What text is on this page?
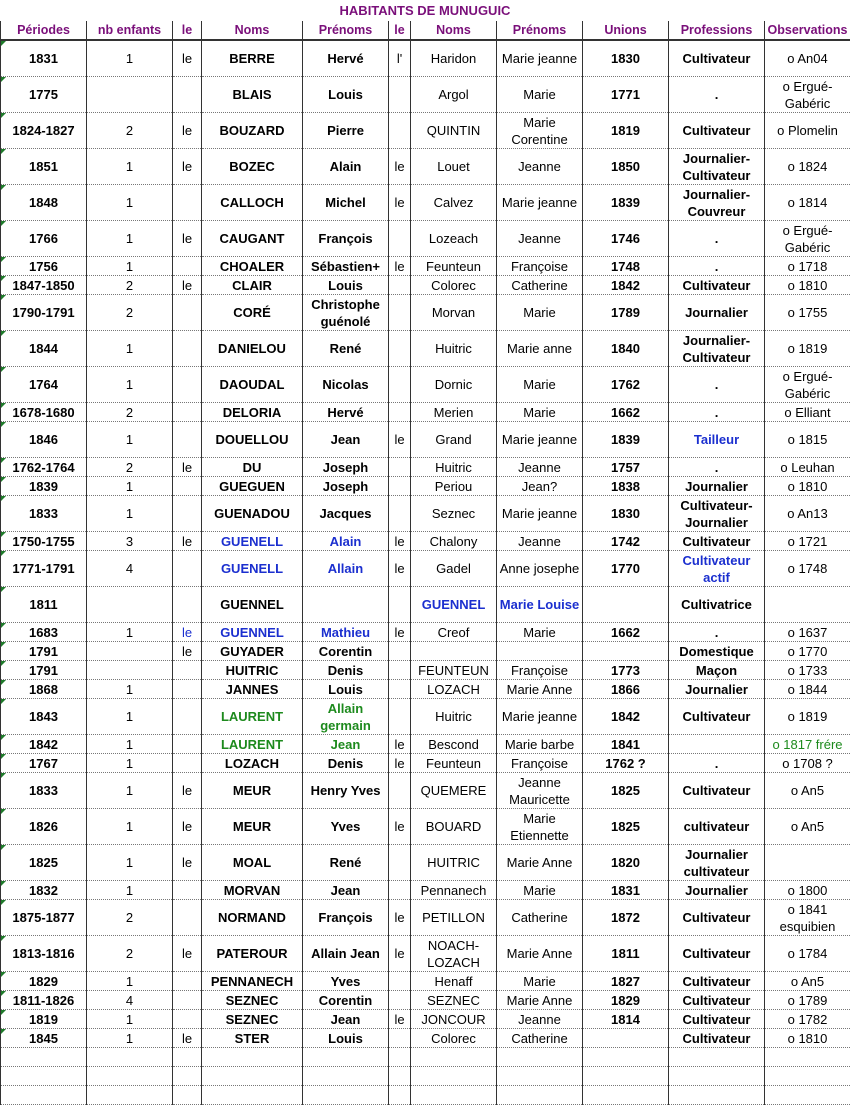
HABITANTS DE MUNUGUIC
Périodes	nb enfants	le	Noms	Prénoms	le	Noms	Prénoms	Unions	Professions	Observations
1831	1	le	BERRE	Hervé	l'	Haridon	Marie jeanne	1830	Cultivateur	o An04
1775			BLAIS	Louis		Argol	Marie	1771	.	o Ergué-Gabéric
1824-1827	2	le	BOUZARD	Pierre		QUINTIN	Marie Corentine	1819	Cultivateur	o Plomelin
1851	1	le	BOZEC	Alain	le	Louet	Jeanne	1850	Journalier-Cultivateur	o 1824
1848	1		CALLOCH	Michel	le	Calvez	Marie jeanne	1839	Journalier-Couvreur	o 1814
1766	1	le	CAUGANT	François		Lozeach	Jeanne	1746	.	o Ergué-Gabéric
1756	1		CHOALER	Sébastien+	le	Feunteun	Françoise	1748	.	o 1718
1847-1850	2	le	CLAIR	Louis		Colorec	Catherine	1842	Cultivateur	o 1810
1790-1791	2		CORÉ	Christophe guénolé		Morvan	Marie	1789	Journalier	o 1755
1844	1		DANIELOU	René		Huitric	Marie anne	1840	Journalier-Cultivateur	o 1819
1764	1		DAOUDAL	Nicolas		Dornic	Marie	1762	.	o Ergué-Gabéric
1678-1680	2		DELORIA	Hervé		Merien	Marie	1662	.	o Elliant
1846	1		DOUELLOU	Jean	le	Grand	Marie jeanne	1839	Tailleur	o 1815
1762-1764	2	le	DU	Joseph		Huitric	Jeanne	1757	.	o Leuhan
1839	1		GUEGUEN	Joseph		Periou	Jean?	1838	Journalier	o 1810
1833	1		GUENADOU	Jacques		Seznec	Marie jeanne	1830	Cultivateur-Journalier	o An13
1750-1755	3	le	GUENELL	Alain	le	Chalony	Jeanne	1742	Cultivateur	o 1721
1771-1791	4		GUENELL	Allain	le	Gadel	Anne josephe	1770	Cultivateur actif	o 1748
1811			GUENNEL			GUENNEL	Marie Louise		Cultivatrice	
1683	1	le	GUENNEL	Mathieu	le	Creof	Marie	1662	.	o 1637
1791		le	GUYADER	Corentin					Domestique	o 1770
1791			HUITRIC	Denis		FEUNTEUN	Françoise	1773	Maçon	o 1733
1868	1		JANNES	Louis		LOZACH	Marie Anne	1866	Journalier	o 1844
1843	1		LAURENT	Allain germain		Huitric	Marie jeanne	1842	Cultivateur	o 1819
1842	1		LAURENT	Jean	le	Bescond	Marie barbe	1841		o 1817 frére
1767	1		LOZACH	Denis	le	Feunteun	Françoise	1762 ?	.	o 1708 ?
1833	1	le	MEUR	Henry Yves		QUEMERE	Jeanne Mauricette	1825	Cultivateur	o An5
1826	1	le	MEUR	Yves	le	BOUARD	Marie Etiennette	1825	cultivateur	o An5
1825	1	le	MOAL	René		HUITRIC	Marie Anne	1820	Journalier cultivateur	
1832	1		MORVAN	Jean		Pennanech	Marie	1831	Journalier	o 1800
1875-1877	2		NORMAND	François	le	PETILLON	Catherine	1872	Cultivateur	o 1841 esquibien
1813-1816	2	le	PATEROUR	Allain Jean	le	NOACH-LOZACH	Marie Anne	1811	Cultivateur	o 1784
1829	1		PENNANECH	Yves		Henaff	Marie	1827	Cultivateur	o An5
1811-1826	4		SEZNEC	Corentin		SEZNEC	Marie Anne	1829	Cultivateur	o 1789
1819	1		SEZNEC	Jean	le	JONCOUR	Jeanne	1814	Cultivateur	o 1782
1845	1	le	STER	Louis		Colorec	Catherine		Cultivateur	o 1810
